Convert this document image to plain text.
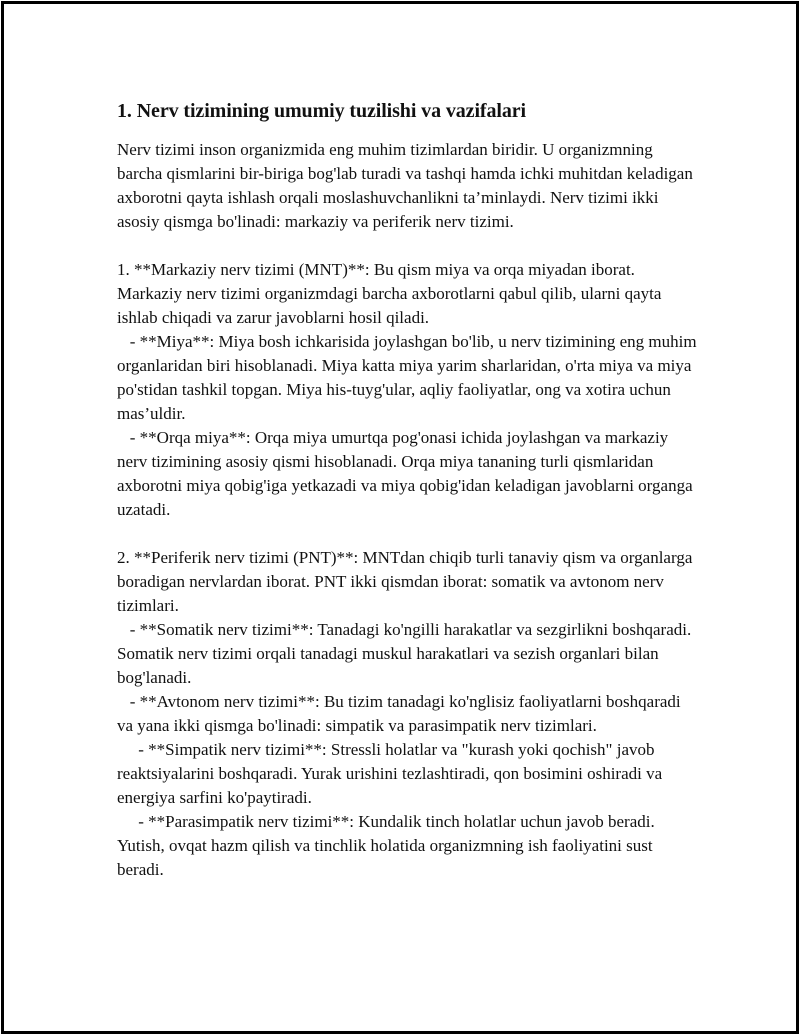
1. Nerv tizimining umumiy tuzilishi va vazifalari

Nerv tizimi inson organizmida eng muhim tizimlardan biridir. U organizmning barcha qismlarini bir-biriga bog'lab turadi va tashqi hamda ichki muhitdan keladigan axborotni qayta ishlash orqali moslashuvchanlikni ta’minlaydi. Nerv tizimi ikki asosiy qismga bo'linadi: markaziy va periferik nerv tizimi.

1. **Markaziy nerv tizimi (MNT)**: Bu qism miya va orqa miyadan iborat. Markaziy nerv tizimi organizmdagi barcha axborotlarni qabul qilib, ularni qayta ishlab chiqadi va zarur javoblarni hosil qiladi.

- **Miya**: Miya bosh ichkarisida joylashgan bo'lib, u nerv tizimining eng muhim organlaridan biri hisoblanadi. Miya katta miya yarim sharlaridan, o'rta miya va miya po'stidan tashkil topgan. Miya his-tuyg'ular, aqliy faoliyatlar, ong va xotira uchun mas’uldir.

- **Orqa miya**: Orqa miya umurtqa pog'onasi ichida joylashgan va markaziy nerv tizimining asosiy qismi hisoblanadi. Orqa miya tananing turli qismlaridan axborotni miya qobig'iga yetkazadi va miya qobig'idan keladigan javoblarni organga uzatadi.

2. **Periferik nerv tizimi (PNT)**: MNTdan chiqib turli tanaviy qism va organlarga boradigan nervlardan iborat. PNT ikki qismdan iborat: somatik va avtonom nerv tizimlari.

- **Somatik nerv tizimi**: Tanadagi ko'ngilli harakatlar va sezgirlikni boshqaradi. Somatik nerv tizimi orqali tanadagi muskul harakatlari va sezish organlari bilan bog'lanadi.

- **Avtonom nerv tizimi**: Bu tizim tanadagi ko'nglisiz faoliyatlarni boshqaradi va yana ikki qismga bo'linadi: simpatik va parasimpatik nerv tizimlari.

- **Simpatik nerv tizimi**: Stressli holatlar va "kurash yoki qochish" javob reaktsiyalarini boshqaradi. Yurak urishini tezlashtiradi, qon bosimini oshiradi va energiya sarfini ko'paytiradi.

- **Parasimpatik nerv tizimi**: Kundalik tinch holatlar uchun javob beradi. Yutish, ovqat hazm qilish va tinchlik holatida organizmning ish faoliyatini sust beradi.
